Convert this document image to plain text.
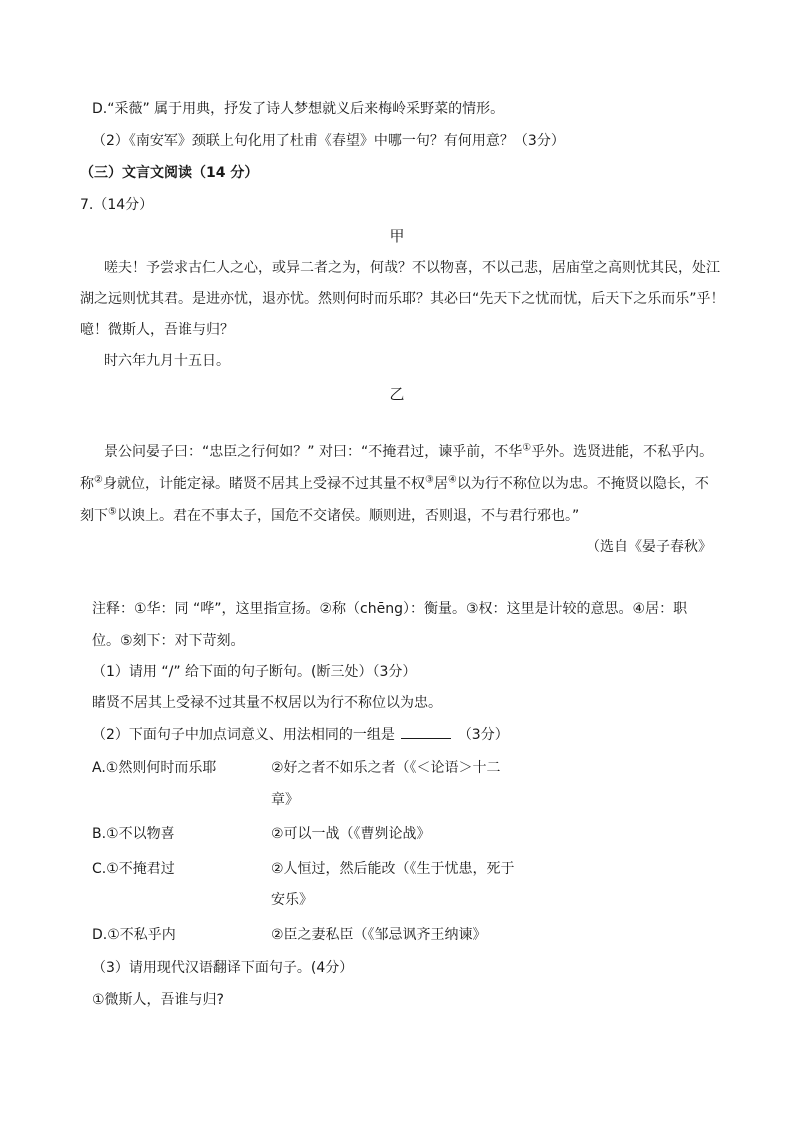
D.“采薇” 属于用典，抒发了诗人梦想就义后来梅岭采野菜的情形。
（2）《南安军》颈联上句化用了杜甫《春望》中哪一句？有何用意？（3分）
（三）文言文阅读（14 分）
7.（14分）
甲
嗟夫！予尝求古仁人之心，或异二者之为，何哉？不以物喜，不以己悲，居庙堂之高则忧其民，处江
湖之远则忧其君。是进亦忧，退亦忧。然则何时而乐耶？其必曰“先天下之忧而忧，后天下之乐而乐”乎！
噫！微斯人，吾谁与归？
时六年九月十五日。
乙
景公问晏子曰：“忠臣之行何如？” 对曰：“不掩君过，谏乎前，不华①乎外。选贤进能，不私乎内。
称②身就位，计能定禄。睹贤不居其上受禄不过其量不权③居④以为行不称位以为忠。不掩贤以隐长，不
刻下⑤以谀上。君在不事太子，国危不交诸侯。顺则进，否则退，不与君行邪也。”
（选自《晏子春秋》
注释：①华：同 “哗”，这里指宣扬。②称（chēng）：衡量。③权：这里是计较的意思。④居：职
位。⑤刻下：对下苛刻。
（1）请用 “/” 给下面的句子断句。(断三处）（3分）
睹贤不居其上受禄不过其量不权居以为行不称位以为忠。
（2）下面句子中加点词意义、用法相同的一组是	（3分）
A.①然则何时而乐耶	②好之者不如乐之者（《＜论语＞十二
章》
B.①不以物喜	②可以一战（《曹刿论战》
C.①不掩君过	②人恒过，然后能改（《生于忧患，死于
安乐》
D.①不私乎内	②臣之妻私臣（《邹忌讽齐王纳谏》
（3）请用现代汉语翻译下面句子。(4分）
①微斯人，吾谁与归?
